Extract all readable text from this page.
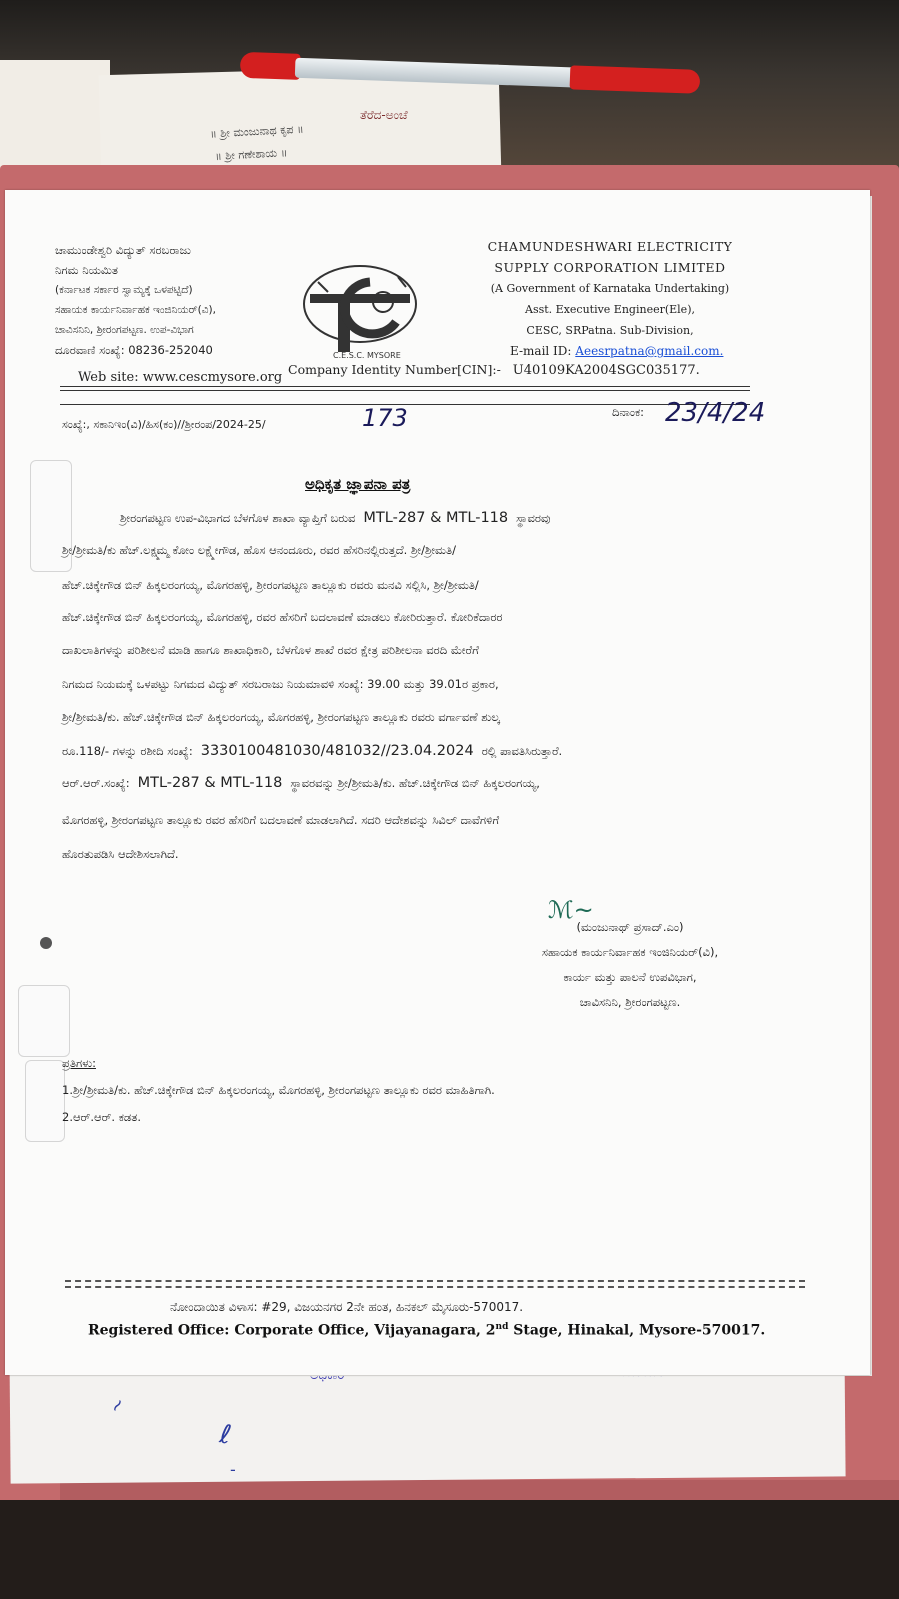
ತೆರೆದ-ಅಂಚೆ
॥ ಶ್ರೀ ಮಂಜುನಾಥ ಕೃಪ ॥
॥ ಶ್ರೀ ಗಣೇಶಾಯ ॥
~
ℓ
-
ಚಾಮುಂಡೇಶ್ವರಿ ವಿದ್ಯುತ್ ಸರಬರಾಜು
ನಿಗಮ ನಿಯಮಿತ
(ಕರ್ನಾಟಕ ಸರ್ಕಾರ ಸ್ವಾಮ್ಯಕ್ಕೆ ಒಳಪಟ್ಟಿದೆ)
ಸಹಾಯಕ ಕಾರ್ಯನಿರ್ವಾಹಕ ಇಂಜಿನಿಯರ್(ವಿ),
ಚಾವಿಸನಿನಿ, ಶ್ರೀರಂಗಪಟ್ಟಣ. ಉಪ-ವಿಭಾಗ
ದೂರವಾಣಿ ಸಂಖ್ಯೆ: 08236-252040	C.E.S.C. MYSORE
CHAMUNDESHWARI ELECTRICITY
SUPPLY CORPORATION LIMITED
(A Government of Karnataka Undertaking)
Asst. Executive Engineer(Ele),
CESC, SRPatna. Sub-Division,
E-mail ID: Aeesrpatna@gmail.com.
Web site: www.cescmysore.org
Company Identity Number[CIN]:- U40109KA2004SGC035177.
ಸಂಖ್ಯೆ:, ಸಕಾನಿಇಂ(ವಿ)/ಹಿಸ(ಕಂ)//ಶ್ರೀರಂಪ/2024-25/	173	ದಿನಾಂಕ: 23/4/24
ಅಧಿಕೃತ ಜ್ಞಾಪನಾ ಪತ್ರ
ಶ್ರೀರಂಗಪಟ್ಟಣ ಉಪ-ವಿಭಾಗದ ಬೆಳಗೊಳ ಶಾಖಾ ವ್ಯಾಪ್ತಿಗೆ ಬರುವ MTL-287 & MTL-118 ಸ್ಥಾವರವು
ಶ್ರೀ/ಶ್ರೀಮತಿ/ಕು ಹೆಚ್.ಲಕ್ಷ್ಮಮ್ಮ ಕೋಂ ಲಕ್ಷ್ಮೇಗೌಡ, ಹೊಸ ಆನಂದೂರು, ರವರ ಹೆಸರಿನಲ್ಲಿರುತ್ತದೆ. ಶ್ರೀ/ಶ್ರೀಮತಿ/
ಹೆಚ್.ಚಿಕ್ಕೇಗೌಡ ಬಿನ್ ಹಿಕ್ಕಲರಂಗಯ್ಯ, ಮೊಗರಹಳ್ಳಿ, ಶ್ರೀರಂಗಪಟ್ಟಣ ತಾಲ್ಲೂಕು ರವರು ಮನವಿ ಸಲ್ಲಿಸಿ, ಶ್ರೀ/ಶ್ರೀಮತಿ/
ಹೆಚ್.ಚಿಕ್ಕೇಗೌಡ ಬಿನ್ ಹಿಕ್ಕಲರಂಗಯ್ಯ, ಮೊಗರಹಳ್ಳಿ, ರವರ ಹೆಸರಿಗೆ ಬದಲಾವಣೆ ಮಾಡಲು ಕೋರಿರುತ್ತಾರೆ. ಕೋರಿಕೆದಾರರ
ದಾಖಲಾತಿಗಳನ್ನು ಪರಿಶೀಲನೆ ಮಾಡಿ ಹಾಗೂ ಶಾಖಾಧಿಕಾರಿ, ಬೆಳಗೊಳ ಶಾಖೆ ರವರ ಕ್ಷೇತ್ರ ಪರಿಶೀಲನಾ ವರದಿ ಮೇರೆಗೆ
ನಿಗಮದ ನಿಯಮಕ್ಕೆ ಒಳಪಟ್ಟು ನಿಗಮದ ವಿದ್ಯುತ್ ಸರಬರಾಜು ನಿಯಮಾವಳಿ ಸಂಖ್ಯೆ: 39.00 ಮತ್ತು 39.01ರ ಪ್ರಕಾರ,
ಶ್ರೀ/ಶ್ರೀಮತಿ/ಕು. ಹೆಚ್.ಚಿಕ್ಕೇಗೌಡ ಬಿನ್ ಹಿಕ್ಕಲರಂಗಯ್ಯ, ಮೊಗರಹಳ್ಳಿ, ಶ್ರೀರಂಗಪಟ್ಟಣ ತಾಲ್ಲೂಕು ರವರು ವರ್ಗಾವಣೆ ಶುಲ್ಕ
ರೂ.118/- ಗಳನ್ನು ರಶೀದಿ ಸಂಖ್ಯೆ: 3330100481030/481032//23.04.2024 ರಲ್ಲಿ ಪಾವತಿಸಿರುತ್ತಾರೆ.
ಆರ್.ಆರ್.ಸಂಖ್ಯೆ: MTL-287 & MTL-118 ಸ್ಥಾವರವನ್ನು ಶ್ರೀ/ಶ್ರೀಮತಿ/ಕು. ಹೆಚ್.ಚಿಕ್ಕೇಗೌಡ ಬಿನ್ ಹಿಕ್ಕಲರಂಗಯ್ಯ,
ಮೊಗರಹಳ್ಳಿ, ಶ್ರೀರಂಗಪಟ್ಟಣ ತಾಲ್ಲೂಕು ರವರ ಹೆಸರಿಗೆ ಬದಲಾವಣೆ ಮಾಡಲಾಗಿದೆ. ಸದರಿ ಆದೇಶವನ್ನು ಸಿವಿಲ್ ದಾವೆಗಳಿಗೆ
ಹೊರತುಪಡಿಸಿ ಆದೇಶಿಸಲಾಗಿದೆ.
ℳ~
(ಮಂಜುನಾಥ್ ಪ್ರಸಾದ್.ಎಂ)
ಸಹಾಯಕ ಕಾರ್ಯನಿರ್ವಾಹಕ ಇಂಜಿನಿಯರ್(ವಿ),
ಕಾರ್ಯ ಮತ್ತು ಪಾಲನೆ ಉಪವಿಭಾಗ,
ಚಾವಿಸನಿನಿ, ಶ್ರೀರಂಗಪಟ್ಟಣ.
ಪ್ರತಿಗಳು:
1.ಶ್ರೀ/ಶ್ರೀಮತಿ/ಕು. ಹೆಚ್.ಚಿಕ್ಕೇಗೌಡ ಬಿನ್ ಹಿಕ್ಕಲರಂಗಯ್ಯ, ಮೊಗರಹಳ್ಳಿ, ಶ್ರೀರಂಗಪಟ್ಟಣ ತಾಲ್ಲೂಕು ರವರ ಮಾಹಿತಿಗಾಗಿ.
2.ಆರ್.ಆರ್. ಕಡತ.
ನೋಂದಾಯಿತ ವಿಳಾಸ: #29, ವಿಜಯನಗರ 2ನೇ ಹಂತ, ಹಿನಕಲ್ ಮೈಸೂರು-570017.
Registered Office: Corporate Office, Vijayanagara, 2nd Stage, Hinakal, Mysore-570017.
